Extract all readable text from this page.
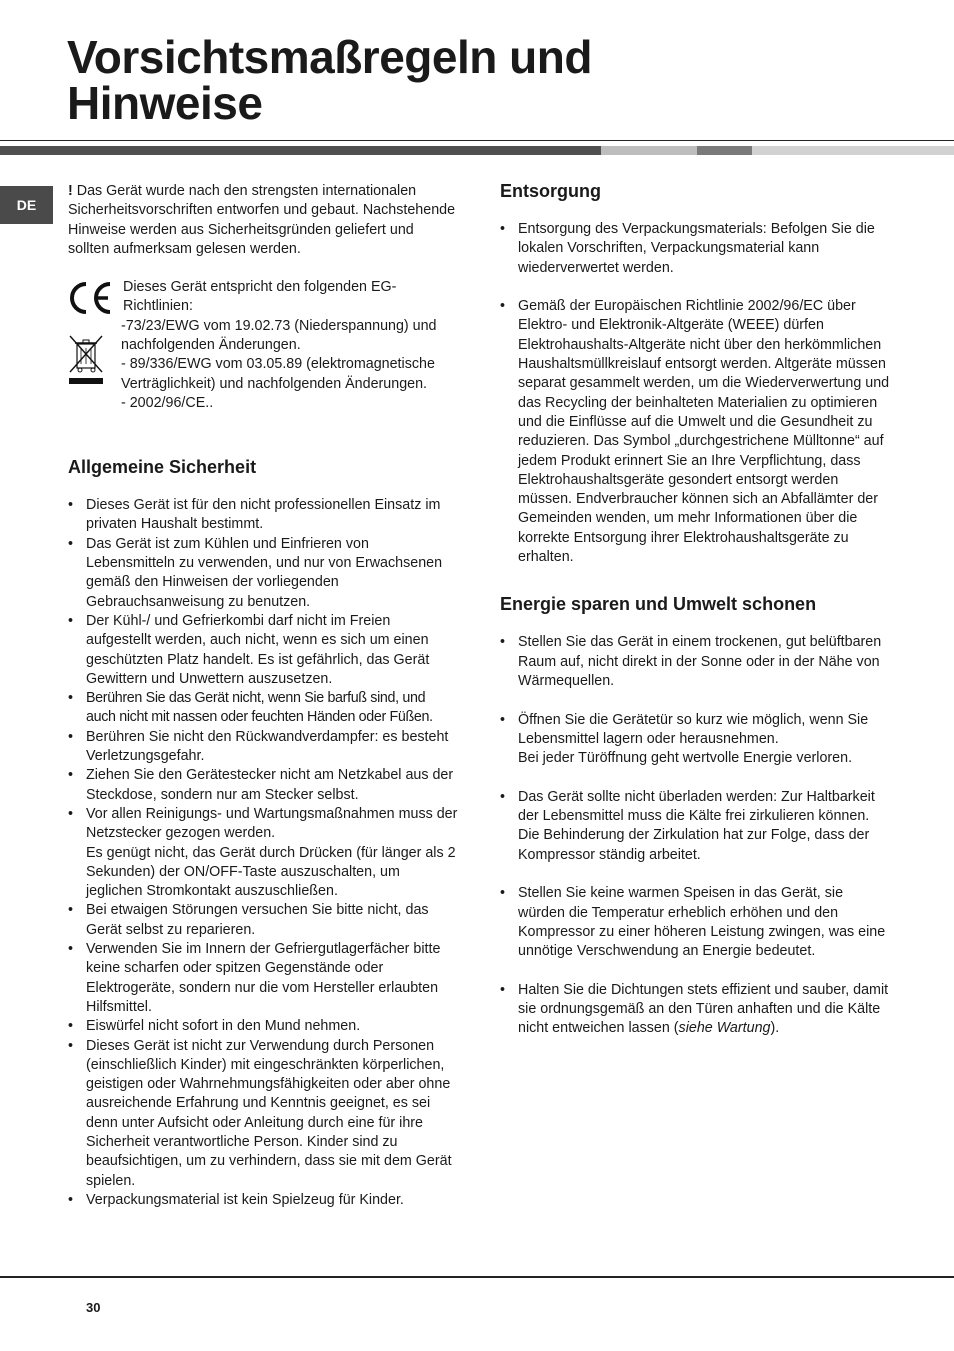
Vorsichtsmaßregeln und
Hinweise
DE

! Das Gerät wurde nach den strengsten internationalen Sicherheitsvorschriften entworfen und gebaut. Nachstehende Hinweise werden aus Sicherheitsgründen geliefert und sollten aufmerksam gelesen werden.

Dieses Gerät entspricht den folgenden EG-Richtlinien:
-73/23/EWG vom 19.02.73 (Niederspannung) und nachfolgenden Änderungen.
- 89/336/EWG vom 03.05.89 (elektromagnetische Verträglichkeit) und nachfolgenden Änderungen.
- 2002/96/CE..
Allgemeine Sicherheit
• Dieses Gerät ist für den nicht professionellen Einsatz im privaten Haushalt bestimmt.
• Das Gerät ist zum Kühlen und Einfrieren von Lebensmitteln zu verwenden, und nur von Erwachsenen gemäß den Hinweisen der vorliegenden Gebrauchsanweisung zu benutzen.
• Der Kühl-/ und Gefrierkombi darf nicht im Freien aufgestellt werden, auch nicht, wenn es sich um einen geschützten Platz handelt. Es ist gefährlich, das Gerät Gewittern und Unwettern auszusetzen.
• Berühren Sie das Gerät nicht, wenn Sie barfuß sind, und auch nicht mit nassen oder feuchten Händen oder Füßen.
• Berühren Sie nicht den Rückwandverdampfer: es besteht Verletzungsgefahr.
• Ziehen Sie den Gerätestecker nicht am Netzkabel aus der Steckdose, sondern nur am Stecker selbst.
• Vor allen Reinigungs- und Wartungsmaßnahmen muss der Netzstecker gezogen werden.
Es genügt nicht, das Gerät durch Drücken (für länger als 2 Sekunden) der ON/OFF-Taste auszuschalten, um jeglichen Stromkontakt auszuschließen.
• Bei etwaigen Störungen versuchen Sie bitte nicht, das Gerät selbst zu reparieren.
• Verwenden Sie im Innern der Gefriergutlagerfächer bitte keine scharfen oder spitzen Gegenstände oder Elektrogeräte, sondern nur die vom Hersteller erlaubten Hilfsmittel.
• Eiswürfel nicht sofort in den Mund nehmen.
• Dieses Gerät ist nicht zur Verwendung durch Personen (einschließlich Kinder) mit eingeschränkten körperlichen, geistigen oder Wahrnehmungsfähigkeiten oder aber ohne ausreichende Erfahrung und Kenntnis geeignet, es sei denn unter Aufsicht oder Anleitung durch eine für ihre Sicherheit verantwortliche Person. Kinder sind zu beaufsichtigen, um zu verhindern, dass sie mit dem Gerät spielen.
• Verpackungsmaterial ist kein Spielzeug für Kinder.
Entsorgung
• Entsorgung des Verpackungsmaterials: Befolgen Sie die lokalen Vorschriften, Verpackungsmaterial kann wiederverwertet werden.
• Gemäß der Europäischen Richtlinie 2002/96/EC über Elektro- und Elektronik-Altgeräte (WEEE) dürfen Elektrohaushalts-Altgeräte nicht über den herkömmlichen Haushaltsmüllkreislauf entsorgt werden. Altgeräte müssen separat gesammelt werden, um die Wiederverwertung und das Recycling der beinhalteten Materialien zu optimieren und die Einflüsse auf die Umwelt und die Gesundheit zu reduzieren. Das Symbol „durchgestrichene Mülltonne“ auf jedem Produkt erinnert Sie an Ihre Verpflichtung, dass Elektrohaushaltsgeräte gesondert entsorgt werden müssen. Endverbraucher können sich an Abfallämter der Gemeinden wenden, um mehr Informationen über die korrekte Entsorgung ihrer Elektrohaushaltsgeräte zu erhalten.
Energie sparen und Umwelt schonen
• Stellen Sie das Gerät in einem trockenen, gut belüftbaren Raum auf, nicht direkt in der Sonne oder in der Nähe von Wärmequellen.
• Öffnen Sie die Gerätetür so kurz wie möglich, wenn Sie Lebensmittel lagern oder herausnehmen.
Bei jeder Türöffnung geht wertvolle Energie verloren.
• Das Gerät sollte nicht überladen werden: Zur Haltbarkeit der Lebensmittel muss die Kälte frei zirkulieren können. Die Behinderung der Zirkulation hat zur Folge, dass der Kompressor ständig arbeitet.
• Stellen Sie keine warmen Speisen in das Gerät, sie würden die Temperatur erheblich erhöhen und den Kompressor zu einer höheren Leistung zwingen, was eine unnötige Verschwendung an Energie bedeutet.
• Halten Sie die Dichtungen stets effizient und sauber, damit sie ordnungsgemäß an den Türen anhaften und die Kälte nicht entweichen lassen (siehe Wartung).
30
